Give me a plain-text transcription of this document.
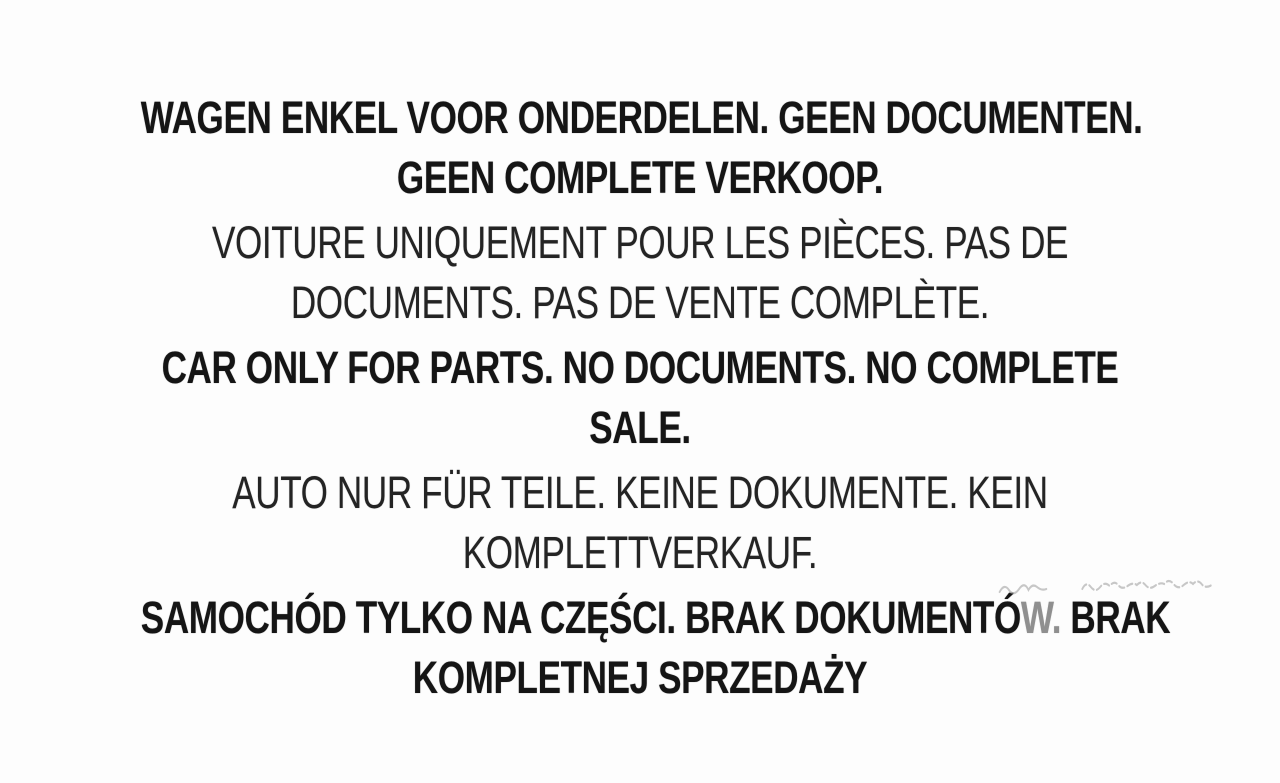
WAGEN ENKEL VOOR ONDERDELEN. GEEN DOCUMENTEN.
GEEN COMPLETE VERKOOP.
VOITURE UNIQUEMENT POUR LES PIÈCES. PAS DE
DOCUMENTS. PAS DE VENTE COMPLÈTE.
CAR ONLY FOR PARTS. NO DOCUMENTS. NO COMPLETE
SALE.
AUTO NUR FÜR TEILE. KEINE DOKUMENTE. KEIN
KOMPLETTVERKAUF.
SAMOCHÓD TYLKO NA CZĘŚCI. BRAK DOKUMENTÓW. BRAK
KOMPLETNEJ SPRZEDAŻY
